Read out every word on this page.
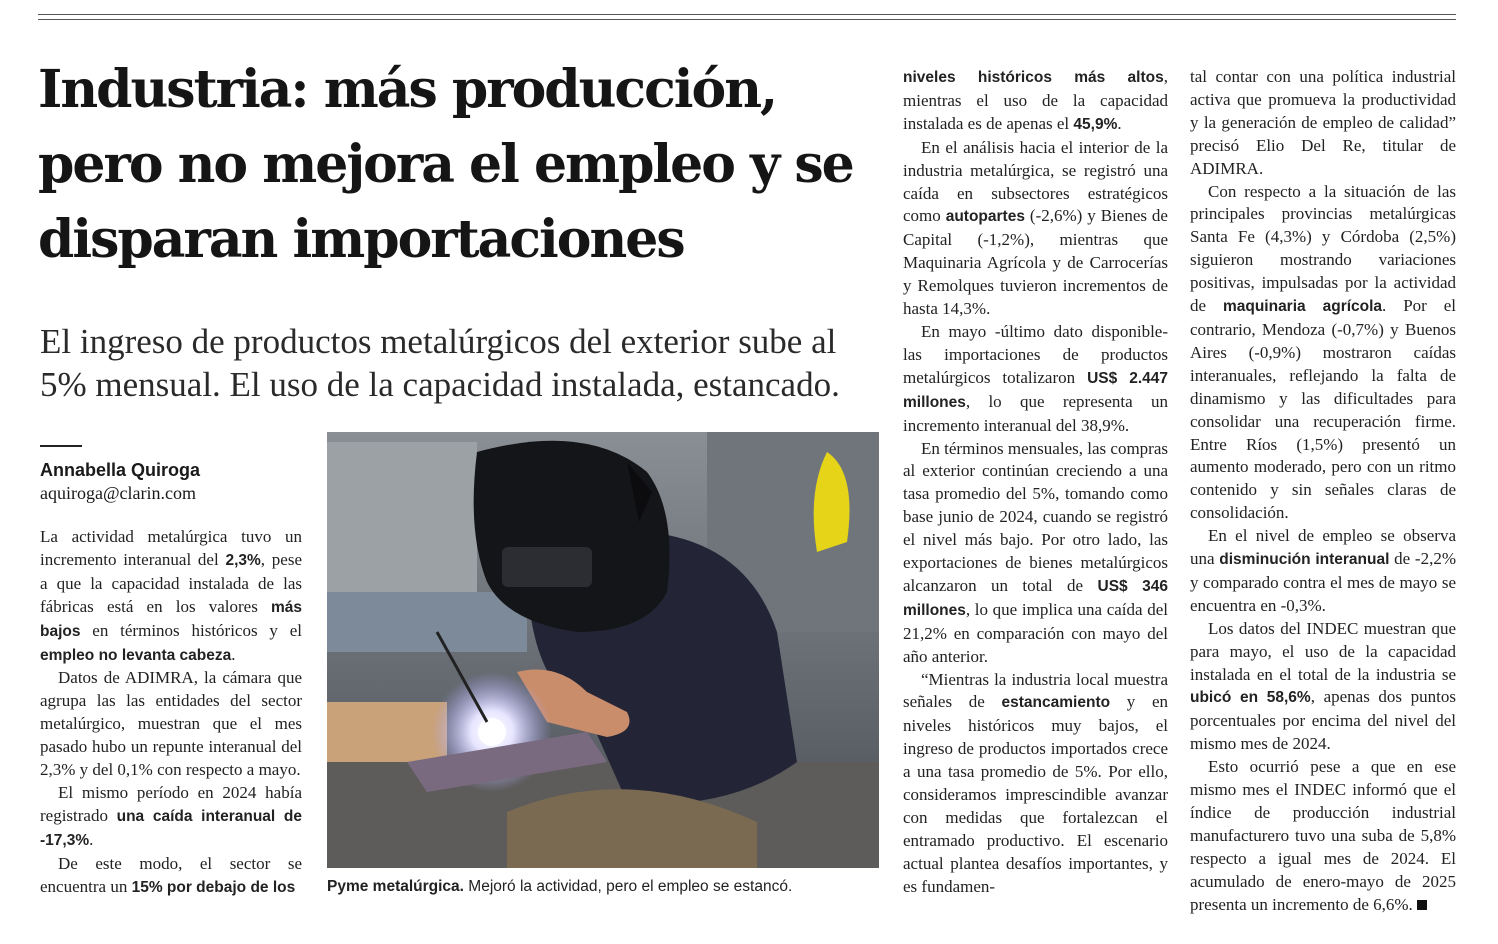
Industria: más producción, pero no mejora el empleo y se disparan importaciones

El ingreso de productos metalúrgicos del exterior sube al 5% mensual. El uso de la capacidad instalada, estancado.

Annabella Quiroga
aquiroga@clarin.com

La actividad metalúrgica tuvo un incremento interanual del 2,3%, pese a que la capacidad instalada de las fábricas está en los valores más bajos en términos históricos y el empleo no levanta cabeza.

Datos de ADIMRA, la cámara que agrupa las las entidades del sector metalúrgico, muestran que el mes pasado hubo un repunte interanual del 2,3% y del 0,1% con respecto a mayo.

El mismo período en 2024 había registrado una caída interanual de -17,3%.

De este modo, el sector se encuentra un 15% por debajo de los	Pyme metalúrgica. Mejoró la actividad, pero el empleo se estancó.

niveles históricos más altos, mientras el uso de la capacidad instalada es de apenas el 45,9%.

En el análisis hacia el interior de la industria metalúrgica, se registró una caída en subsectores estratégicos como autopartes (-2,6%) y Bienes de Capital (-1,2%), mientras que Maquinaria Agrícola y de Carrocerías y Remolques tuvieron incrementos de hasta 14,3%.

En mayo -último dato disponible- las importaciones de productos metalúrgicos totalizaron US$ 2.447 millones, lo que representa un incremento interanual del 38,9%.

En términos mensuales, las compras al exterior continúan creciendo a una tasa promedio del 5%, tomando como base junio de 2024, cuando se registró el nivel más bajo. Por otro lado, las exportaciones de bienes metalúrgicos alcanzaron un total de US$ 346 millones, lo que implica una caída del 21,2% en comparación con mayo del año anterior.

“Mientras la industria local muestra señales de estancamiento y en niveles históricos muy bajos, el ingreso de productos importados crece a una tasa promedio de 5%. Por ello, consideramos imprescindible avanzar con medidas que fortalezcan el entramado productivo. El escenario actual plantea desafíos importantes, y es fundamen-

tal contar con una política industrial activa que promueva la productividad y la generación de empleo de calidad” precisó Elio Del Re, titular de ADIMRA.

Con respecto a la situación de las principales provincias metalúrgicas Santa Fe (4,3%) y Córdoba (2,5%) siguieron mostrando variaciones positivas, impulsadas por la actividad de maquinaria agrícola. Por el contrario, Mendoza (-0,7%) y Buenos Aires (-0,9%) mostraron caídas interanuales, reflejando la falta de dinamismo y las dificultades para consolidar una recuperación firme. Entre Ríos (1,5%) presentó un aumento moderado, pero con un ritmo contenido y sin señales claras de consolidación.

En el nivel de empleo se observa una disminución interanual de -2,2% y comparado contra el mes de mayo se encuentra en -0,3%.

Los datos del INDEC muestran que para mayo, el uso de la capacidad instalada en el total de la industria se ubicó en 58,6%, apenas dos puntos porcentuales por encima del nivel del mismo mes de 2024.

Esto ocurrió pese a que en ese mismo mes el INDEC informó que el índice de producción industrial manufacturero tuvo una suba de 5,8% respecto a igual mes de 2024. El acumulado de enero-mayo de 2025 presenta un incremento de 6,6%.
